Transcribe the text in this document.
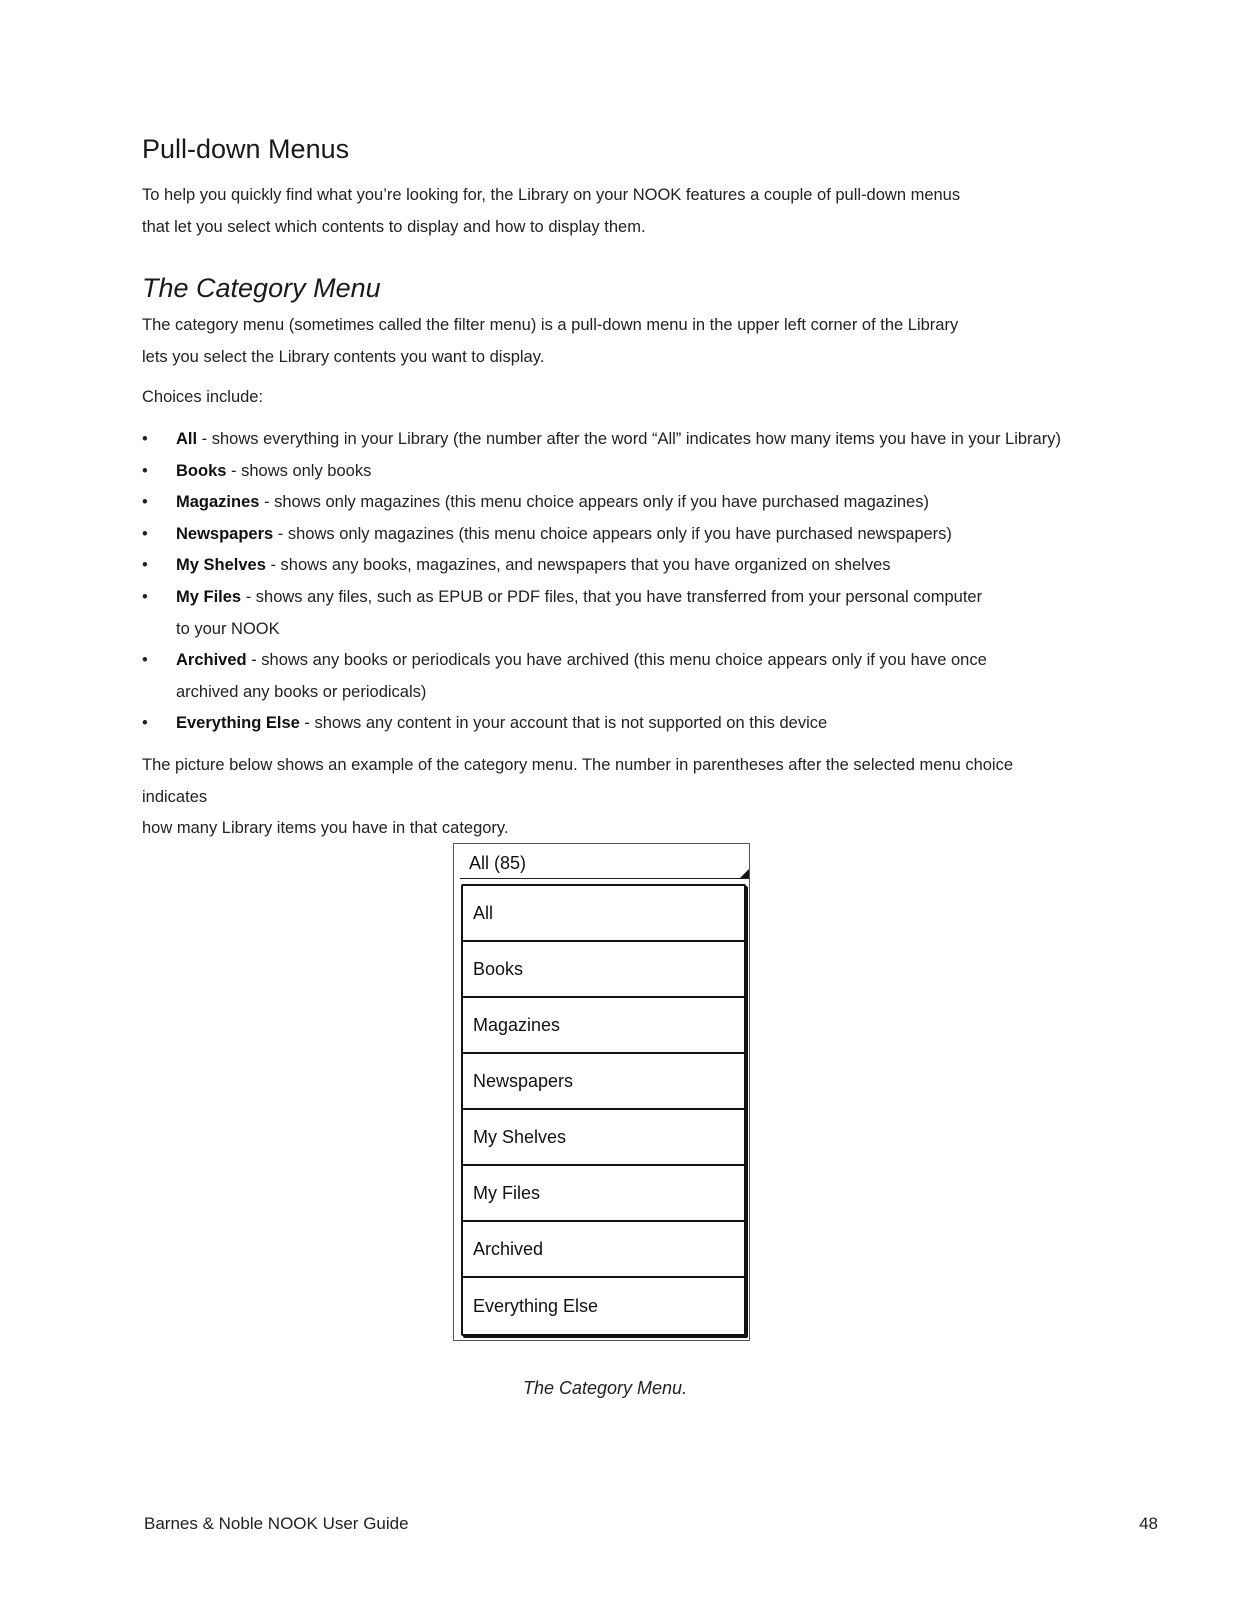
Pull-down Menus

To help you quickly find what you’re looking for, the Library on your NOOK features a couple of pull-down menus
that let you select which contents to display and how to display them.

The Category Menu

The category menu (sometimes called the filter menu) is a pull-down menu in the upper left corner of the Library
lets you select the Library contents you want to display.

Choices include:

• All - shows everything in your Library (the number after the word “All” indicates how many items you have in your Library)
• Books - shows only books
• Magazines - shows only magazines (this menu choice appears only if you have purchased magazines)
• Newspapers - shows only magazines (this menu choice appears only if you have purchased newspapers)
• My Shelves - shows any books, magazines, and newspapers that you have organized on shelves
• My Files - shows any files, such as EPUB or PDF files, that you have transferred from your personal computer
to your NOOK
• Archived - shows any books or periodicals you have archived (this menu choice appears only if you have once
archived any books or periodicals)
• Everything Else - shows any content in your account that is not supported on this device

The picture below shows an example of the category menu. The number in parentheses after the selected menu choice indicates
how many Library items you have in that category.

All (85)
All
Books
Magazines
Newspapers
My Shelves
My Files
Archived
Everything Else
The Category Menu.
Barnes & Noble NOOK User Guide	48
